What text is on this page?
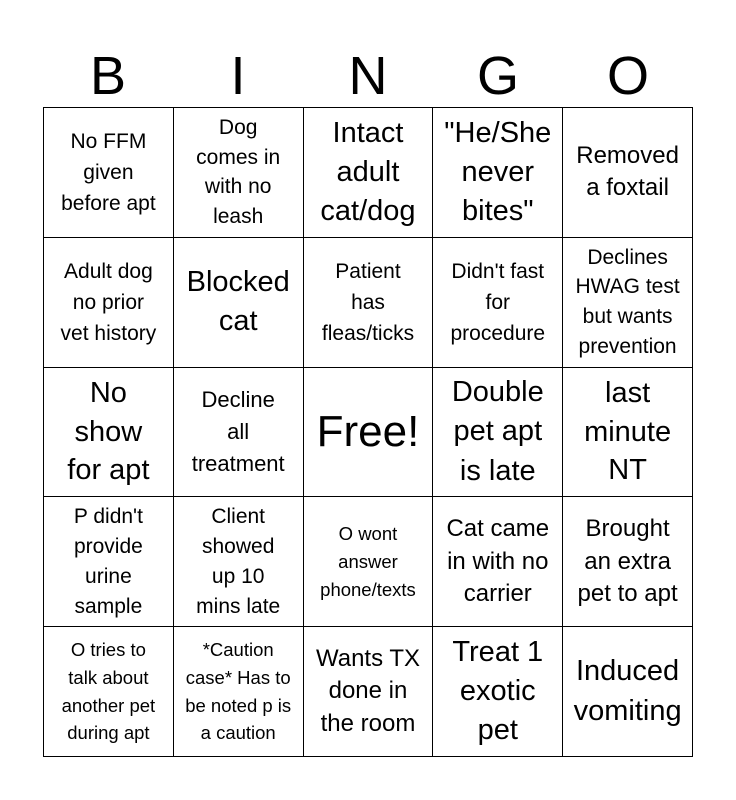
B	I	N	G	O
No FFM
given
before apt
Dog
comes in
with no
leash
Intact
adult
cat/dog
"He/She
never
bites"
Removed
a foxtail
Adult dog
no prior
vet history
Blocked
cat
Patient
has
fleas/ticks
Didn't fast
for
procedure
Declines
HWAG test
but wants
prevention
No
show
for apt
Decline
all
treatment
Free!
Double
pet apt
is late
last
minute
NT
P didn't
provide
urine
sample
Client
showed
up 10
mins late
O wont
answer
phone/texts
Cat came
in with no
carrier
Brought
an extra
pet to apt
O tries to
talk about
another pet
during apt
*Caution
case* Has to
be noted p is
a caution
Wants TX
done in
the room
Treat 1
exotic
pet
Induced
vomiting
